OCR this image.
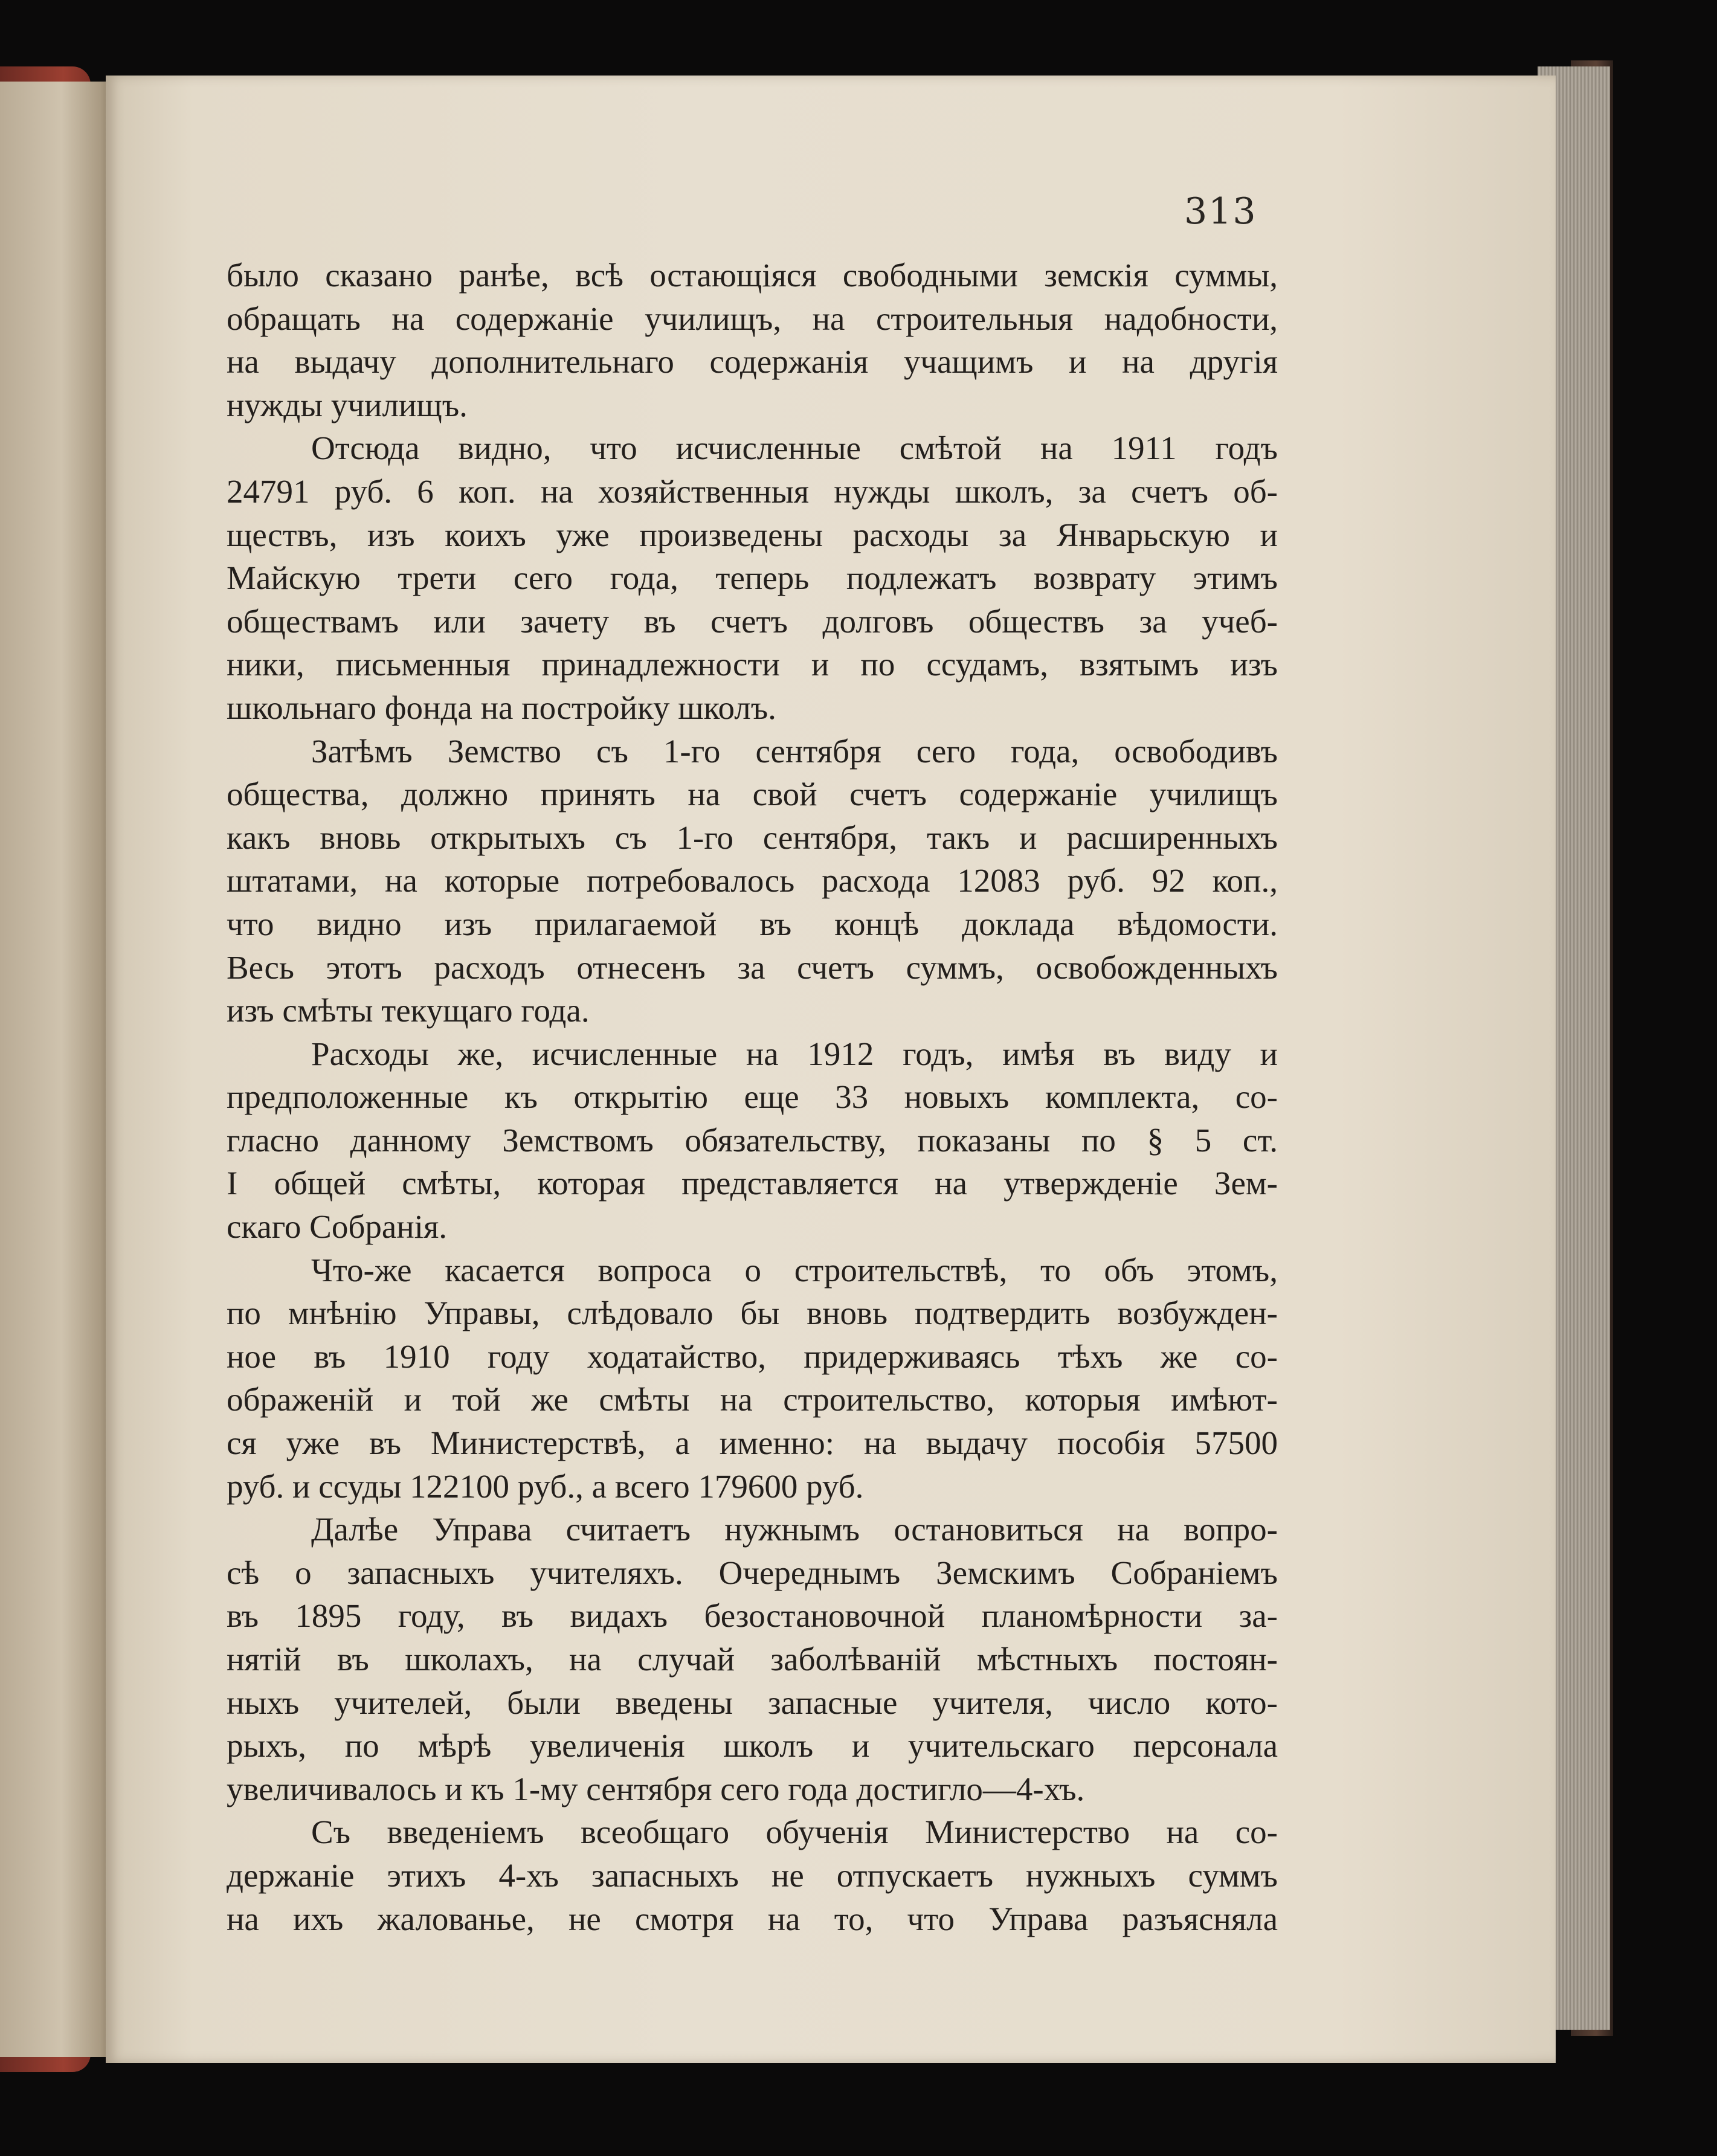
313
было сказано ранѣе, всѣ остающіяся свободными земскія суммы,
обращать на содержаніе училищъ, на строительныя надобности,
на выдачу дополнительнаго содержанія учащимъ и на другія
нужды училищъ.
Отсюда видно, что исчисленные смѣтой на 1911 годъ
24791 руб. 6 коп. на хозяйственныя нужды школъ, за счетъ об-
ществъ, изъ коихъ уже произведены расходы за Январьскую и
Майскую трети сего года, теперь подлежатъ возврату этимъ
обществамъ или зачету въ счетъ долговъ обществъ за учеб-
ники, письменныя принадлежности и по ссудамъ, взятымъ изъ
школьнаго фонда на постройку школъ.
Затѣмъ Земство съ 1-го сентября сего года, освободивъ
общества, должно принять на свой счетъ содержаніе училищъ
какъ вновь открытыхъ съ 1-го сентября, такъ и расширенныхъ
штатами, на которые потребовалось расхода 12083 руб. 92 коп.,
что видно изъ прилагаемой въ концѣ доклада вѣдомости.
Весь этотъ расходъ отнесенъ за счетъ суммъ, освобожденныхъ
изъ смѣты текущаго года.
Расходы же, исчисленные на 1912 годъ, имѣя въ виду и
предположенные къ открытію еще 33 новыхъ комплекта, со-
гласно данному Земствомъ обязательству, показаны по § 5 ст.
I общей смѣты, которая представляется на утвержденіе Зем-
скаго Собранія.
Что-же касается вопроса о строительствѣ, то объ этомъ,
по мнѣнію Управы, слѣдовало бы вновь подтвердить возбужден-
ное въ 1910 году ходатайство, придерживаясь тѣхъ же со-
ображеній и той же смѣты на строительство, которыя имѣют-
ся уже въ Министерствѣ, а именно: на выдачу пособія 57500
руб. и ссуды 122100 руб., а всего 179600 руб.
Далѣе Управа считаетъ нужнымъ остановиться на вопро-
сѣ о запасныхъ учителяхъ. Очереднымъ Земскимъ Собраніемъ
въ 1895 году, въ видахъ безостановочной планомѣрности за-
нятій въ школахъ, на случай заболѣваній мѣстныхъ постоян-
ныхъ учителей, были введены запасные учителя, число кото-
рыхъ, по мѣрѣ увеличенія школъ и учительскаго персонала
увеличивалось и къ 1-му сентября сего года достигло—4-хъ.
Съ введеніемъ всеобщаго обученія Министерство на со-
держаніе этихъ 4-хъ запасныхъ не отпускаетъ нужныхъ суммъ
на ихъ жалованье, не смотря на то, что Управа разъясняла
